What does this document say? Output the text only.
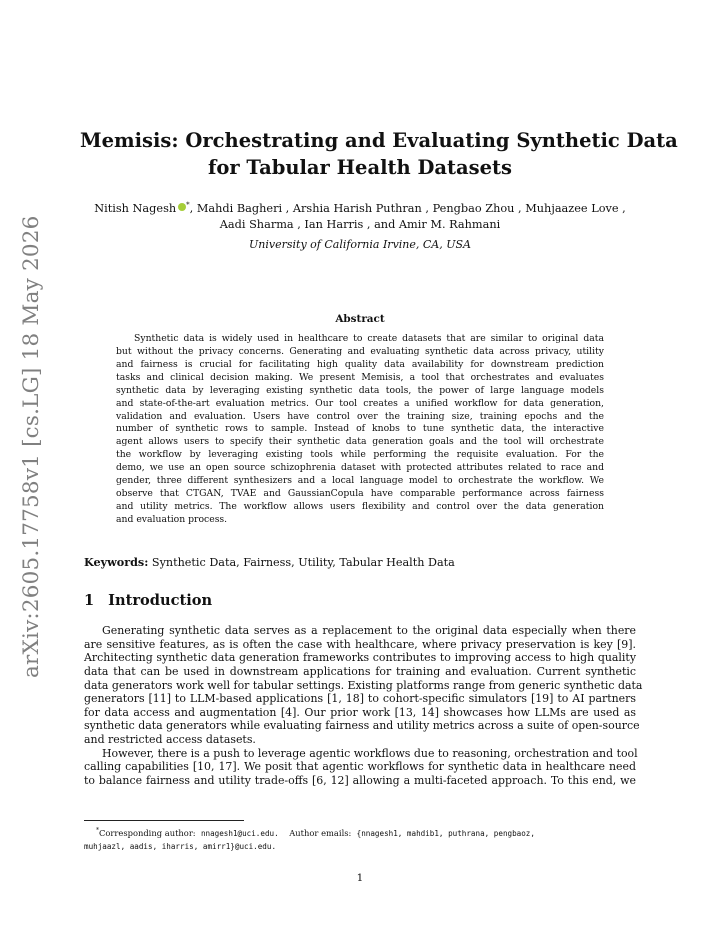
arXiv:2605.17758v1 [cs.LG] 18 May 2026
Memisis: Orchestrating and Evaluating Synthetic Data
for Tabular Health Datasets
Nitish Nagesh *, Mahdi Bagheri , Arshia Harish Puthran , Pengbao Zhou , Muhjaazee Love ,
Aadi Sharma , Ian Harris , and Amir M. Rahmani
University of California Irvine, CA, USA
Abstract
Synthetic data is widely used in healthcare to create datasets that are similar to original data
but without the privacy concerns. Generating and evaluating synthetic data across privacy, utility
and fairness is crucial for facilitating high quality data availability for downstream prediction
tasks and clinical decision making. We present Memisis, a tool that orchestrates and evaluates
synthetic data by leveraging existing synthetic data tools, the power of large language models
and state-of-the-art evaluation metrics. Our tool creates a unified workflow for data generation,
validation and evaluation. Users have control over the training size, training epochs and the
number of synthetic rows to sample. Instead of knobs to tune synthetic data, the interactive
agent allows users to specify their synthetic data generation goals and the tool will orchestrate
the workflow by leveraging existing tools while performing the requisite evaluation. For the
demo, we use an open source schizophrenia dataset with protected attributes related to race and
gender, three different synthesizers and a local language model to orchestrate the workflow. We
observe that CTGAN, TVAE and GaussianCopula have comparable performance across fairness
and utility metrics. The workflow allows users flexibility and control over the data generation
and evaluation process.
Keywords: Synthetic Data, Fairness, Utility, Tabular Health Data
1 Introduction
Generating synthetic data serves as a replacement to the original data especially when there
are sensitive features, as is often the case with healthcare, where privacy preservation is key [9].
Architecting synthetic data generation frameworks contributes to improving access to high quality
data that can be used in downstream applications for training and evaluation. Current synthetic
data generators work well for tabular settings. Existing platforms range from generic synthetic data
generators [11] to LLM-based applications [1, 18] to cohort-specific simulators [19] to AI partners
for data access and augmentation [4]. Our prior work [13, 14] showcases how LLMs are used as
synthetic data generators while evaluating fairness and utility metrics across a suite of open-source
and restricted access datasets.
However, there is a push to leverage agentic workflows due to reasoning, orchestration and tool
calling capabilities [10, 17]. We posit that agentic workflows for synthetic data in healthcare need
to balance fairness and utility trade-offs [6, 12] allowing a multi-faceted approach. To this end, we
*Corresponding author: nnagesh1@uci.edu. Author emails: {nnagesh1, mahdib1, puthrana, pengbaoz,
muhjaazl, aadis, iharris, amirr1}@uci.edu.
1
